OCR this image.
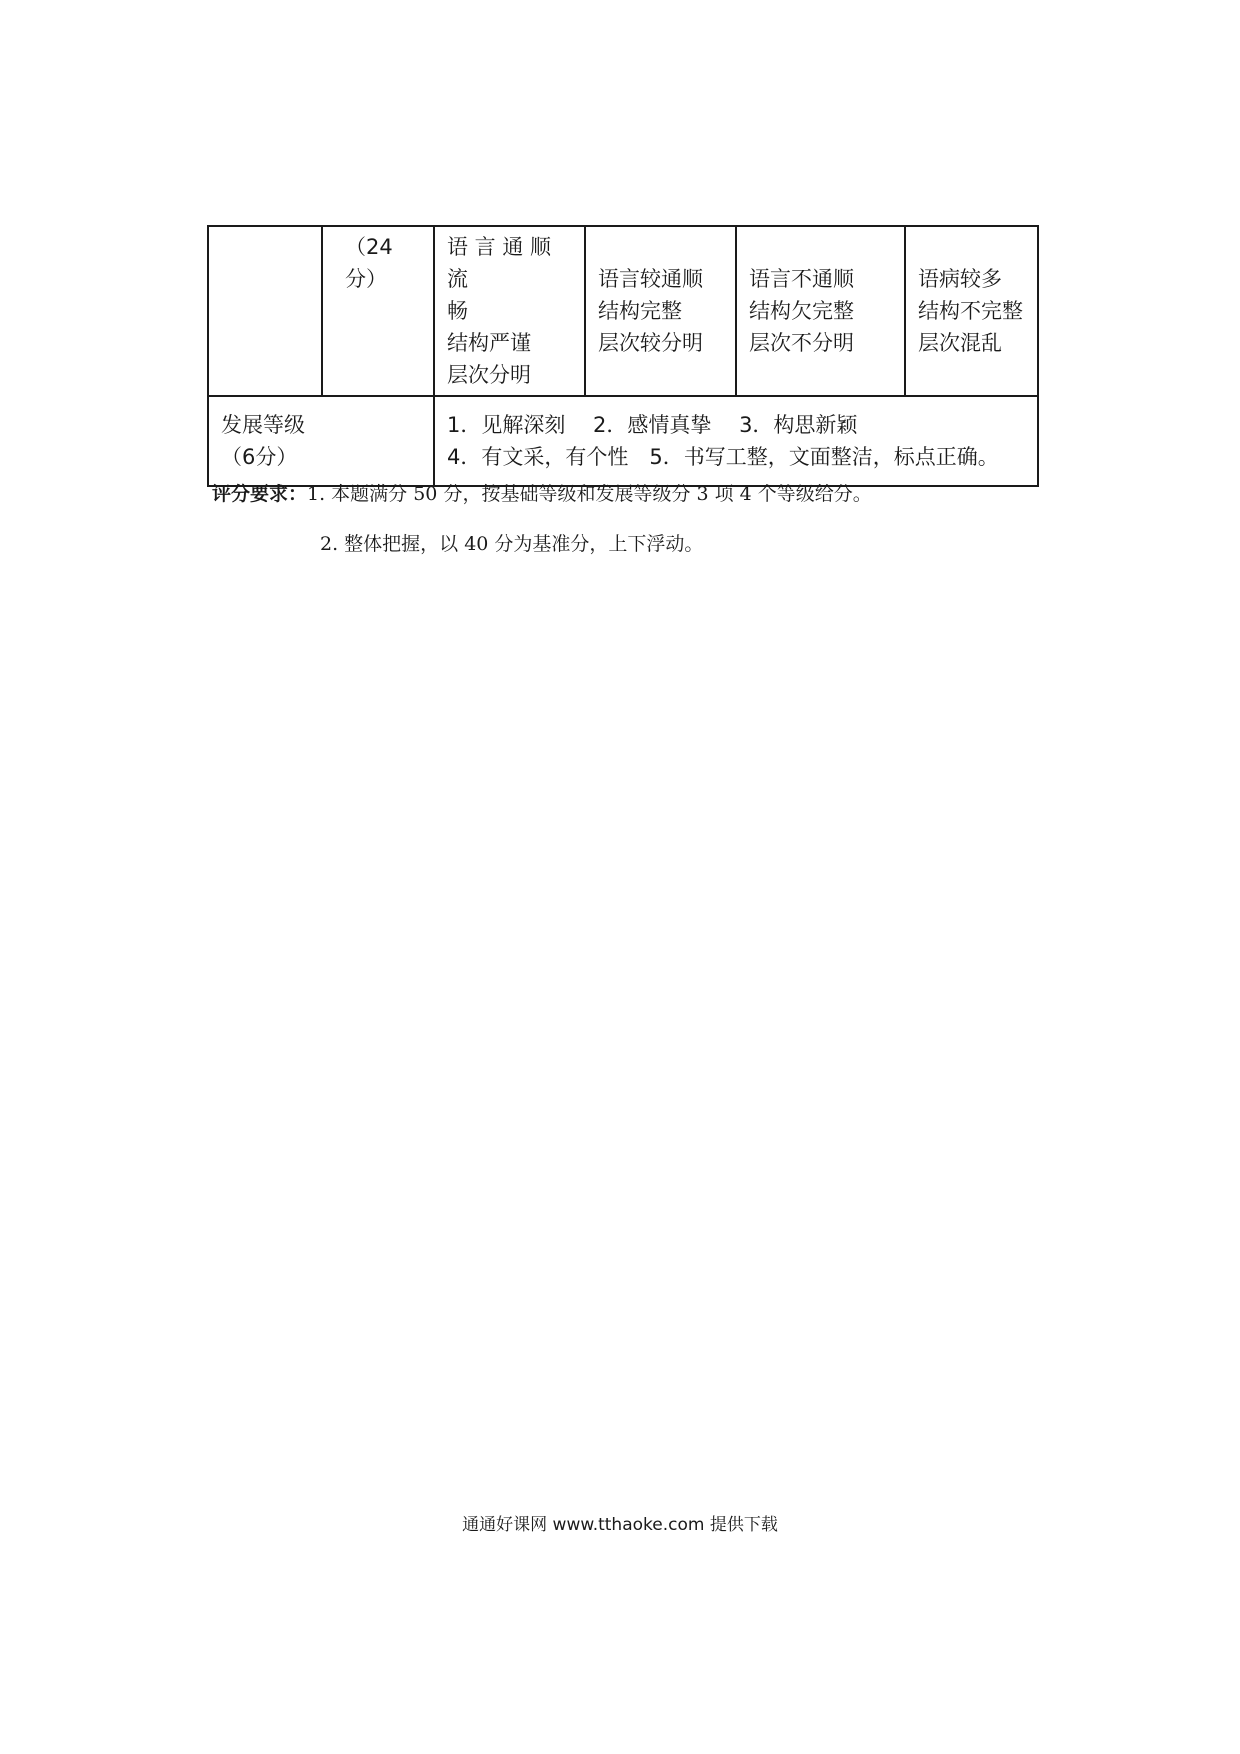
	（24分）	语 言 通 顺 流
畅
结构严谨
层次分明	语言较通顺
结构完整
层次较分明	语言不通顺
结构欠完整
层次不分明	语病较多
结构不完整
层次混乱

发展等级
（6分）		1．见解深刻　 2．感情真挚　 3．构思新颖
4．有文采，有个性　5．书写工整，文面整洁，标点正确。			
评分要求：1. 本题满分 50 分，按基础等级和发展等级分 3 项 4 个等级给分。
2. 整体把握，以 40 分为基准分，上下浮动。
通通好课网 www.tthaoke.com 提供下载
